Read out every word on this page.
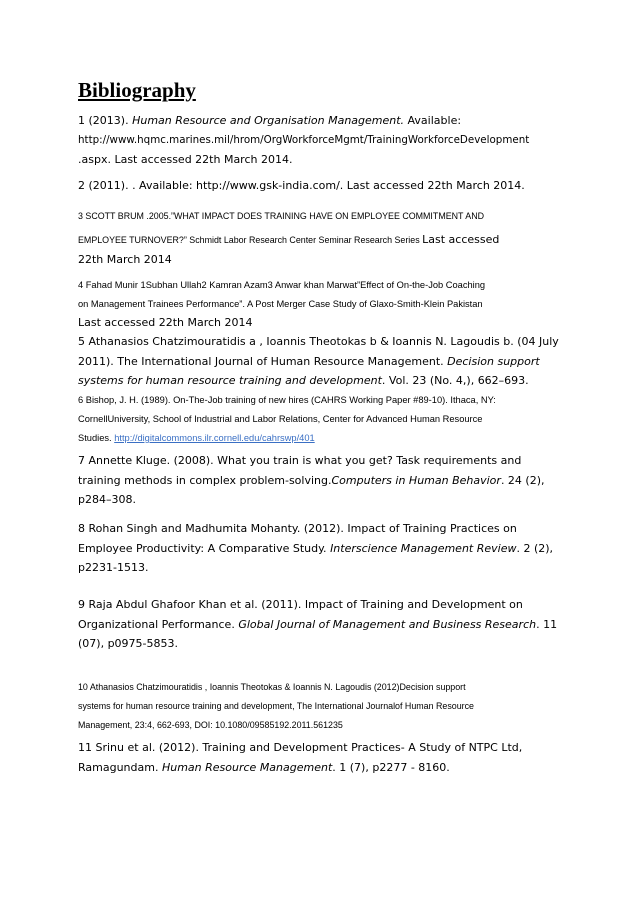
Bibliography
1 (2013). Human Resource and Organisation Management. Available:
http://www.hqmc.marines.mil/hrom/OrgWorkforceMgmt/TrainingWorkforceDevelopment
.aspx. Last accessed 22th March 2014.
2 (2011). . Available: http://www.gsk-india.com/. Last accessed 22th March 2014.
3 SCOTT BRUM .2005.”WHAT IMPACT DOES TRAINING HAVE ON EMPLOYEE COMMITMENT AND
EMPLOYEE TURNOVER?” Schmidt Labor Research Center Seminar Research Series Last accessed
22th March 2014
4 Fahad Munir 1Subhan Ullah2 Kamran Azam3 Anwar khan Marwat”Effect of On-the-Job Coaching
on Management Trainees Performance”. A Post Merger Case Study of Glaxo-Smith-Klein Pakistan
Last accessed 22th March 2014
5 Athanasios Chatzimouratidis a , Ioannis Theotokas b & Ioannis N. Lagoudis b. (04 July
2011). The International Journal of Human Resource Management. Decision support
systems for human resource training and development. Vol. 23 (No. 4,), 662–693.
6 Bishop, J. H. (1989). On-The-Job training of new hires (CAHRS Working Paper #89-10). Ithaca, NY:
CornellUniversity, School of Industrial and Labor Relations, Center for Advanced Human Resource
Studies. http://digitalcommons.ilr.cornell.edu/cahrswp/401
7 Annette Kluge. (2008). What you train is what you get? Task requirements and
training methods in complex problem-solving.Computers in Human Behavior. 24 (2),
p284–308.
8 Rohan Singh and Madhumita Mohanty. (2012). Impact of Training Practices on
Employee Productivity: A Comparative Study. Interscience Management Review. 2 (2),
p2231-1513.
9 Raja Abdul Ghafoor Khan et al. (2011). Impact of Training and Development on
Organizational Performance. Global Journal of Management and Business Research. 11
(07), p0975-5853.
10 Athanasios Chatzimouratidis , Ioannis Theotokas & Ioannis N. Lagoudis (2012)Decision support
systems for human resource training and development, The International Journalof Human Resource
Management, 23:4, 662-693, DOI: 10.1080/09585192.2011.561235
11 Srinu et al. (2012). Training and Development Practices- A Study of NTPC Ltd,
Ramagundam. Human Resource Management. 1 (7), p2277 - 8160.
